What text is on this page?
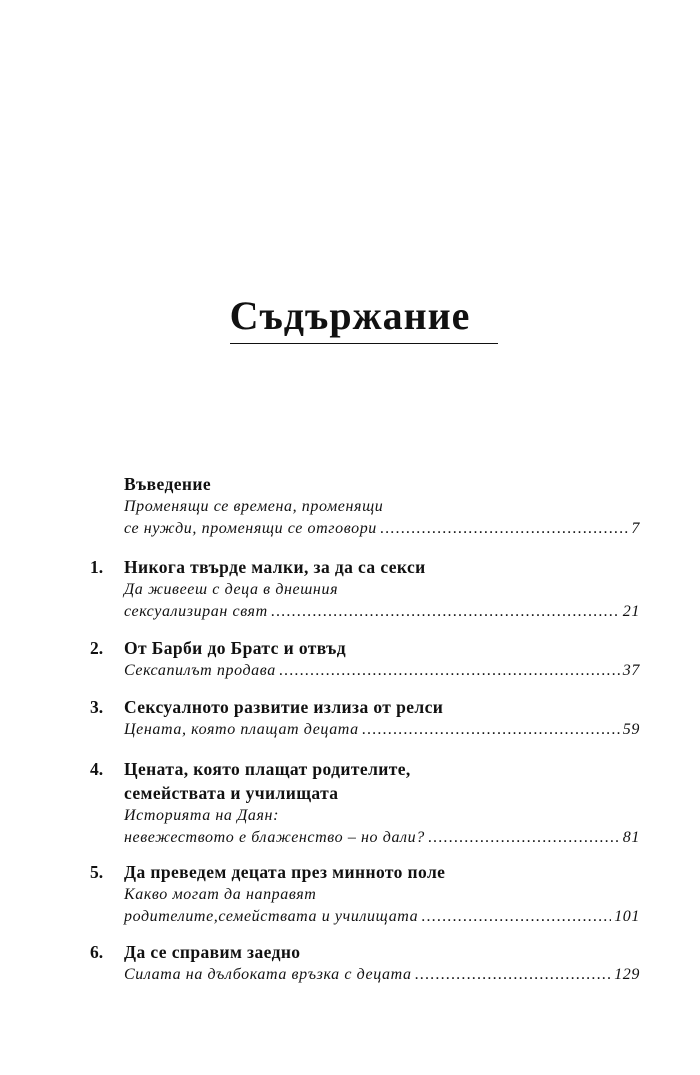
Съдържание
Въведение
Променящи се времена, променящи
се нужди, променящи се отговори .....	7
1. Никога твърде малки, за да са секси
Да живееш с деца в днешния
сексуализиран свят .....	21
2. От Барби до Братс и отвъд
Сексапилът продава .....	37
3. Сексуалното развитие излиза от релси
Цената, която плащат децата .....	59
4. Цената, която плащат родителите,
семействата и училищата
Историята на Даян:
невежеството е блаженство – но дали? .....	81
5. Да преведем децата през минното поле
Какво могат да направят
родителите,семействата и училищата .....	101
6. Да се справим заедно
Силата на дълбоката връзка с децата .....	129
